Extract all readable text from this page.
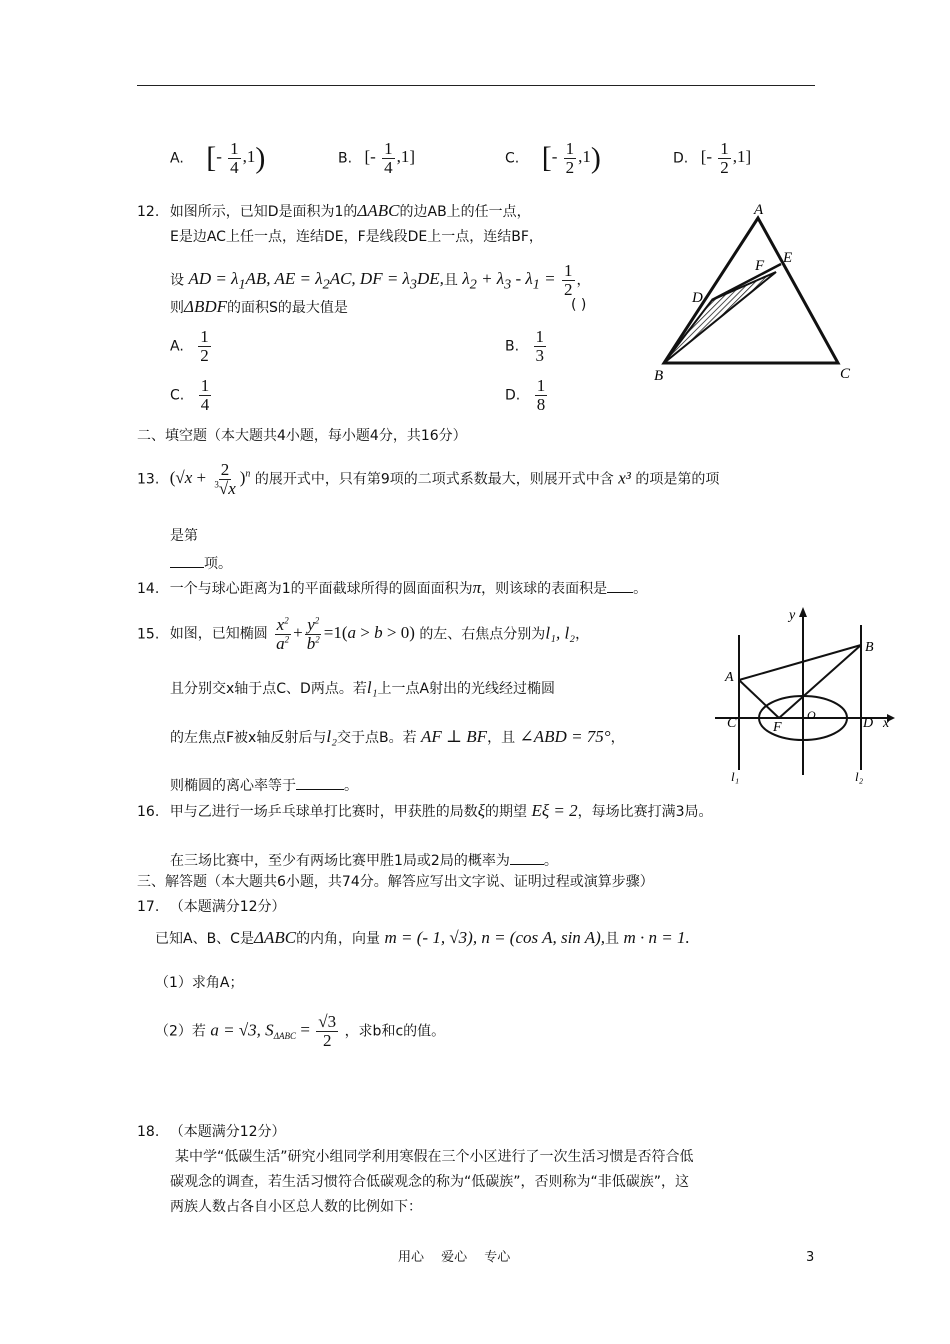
A. [- $\frac{1}{4} ,1$)	B. [- $\frac{1}{4} ,1$]	C. [- $\frac{1}{2} ,1$)	D. [- $\frac{1}{2} ,1$]
12. 如图所示，已知D是面积为1的ΔABC的边AB上的任一点，
E是边AC上任一点，连结DE，F是线段DE上一点，连结BF，
设 AD = $\lambda_1AB$, AE = $\lambda_2AC$, DF = $\lambda_3DE$,且 $\lambda_2 + \lambda_3 - \lambda_1 = \frac{1}{2}$ ，
则ΔBDF的面积S的最大值是	( )
A. $\frac{1}{2}$	B. $\frac{1}{3}$
C. $\frac{1}{4}$	D. $\frac{1}{8}$
A
B	C
D
E
F
二、填空题（本大题共4小题，每小题4分，共16分）
13. $(√x + \frac{2}{^3√x} )^n$ 的展开式中，只有第9项的二项式系数最大，则展开式中含 x³ 的项是第的项
是第
项。
14. 一个与球心距离为1的平面截球所得的圆面面积为π，则该球的表面积是 。
15. 如图，已知椭圆 $\frac{x^2}{a^2} + \frac{y^2}{b^2} =1(a > b > 0)$ 的左、右焦点分别为l₁, l₂，
且分别交x轴于点C、D两点。若l₁上一点A射出的光线经过椭圆
的左焦点F被x轴反射后与l₂交于点B。若 AF ⊥ BF，且 ∠ABD = 75°，
则椭圆的离心率等于	。
y
x
A
B
C	D
F
O
l₁	l₂
16. 甲与乙进行一场乒乓球单打比赛时，甲获胜的局数ξ的期望 Eξ = 2，每场比赛打满3局。
在三场比赛中，至少有两场比赛甲胜1局或2局的概率为 。
三、解答题（本大题共6小题，共74分。解答应写出文字说、证明过程或演算步骤）
17. （本题满分12分）
已知A、B、C是ΔABC的内角，向量 m = (- 1, √3), n = (cos A, sin A),且 m · n = 1.
（1）求角A；
（2）若 a = √3, $S_{\Delta ABC} = \frac{√3}{2}$ ，求b和c的值。
18. （本题满分12分）
某中学“低碳生活”研究小组同学利用寒假在三个小区进行了一次生活习惯是否符合低
碳观念的调查，若生活习惯符合低碳观念的称为“低碳族”，否则称为“非低碳族”，这
两族人数占各自小区总人数的比例如下：
用心　 爱心　 专心	3
